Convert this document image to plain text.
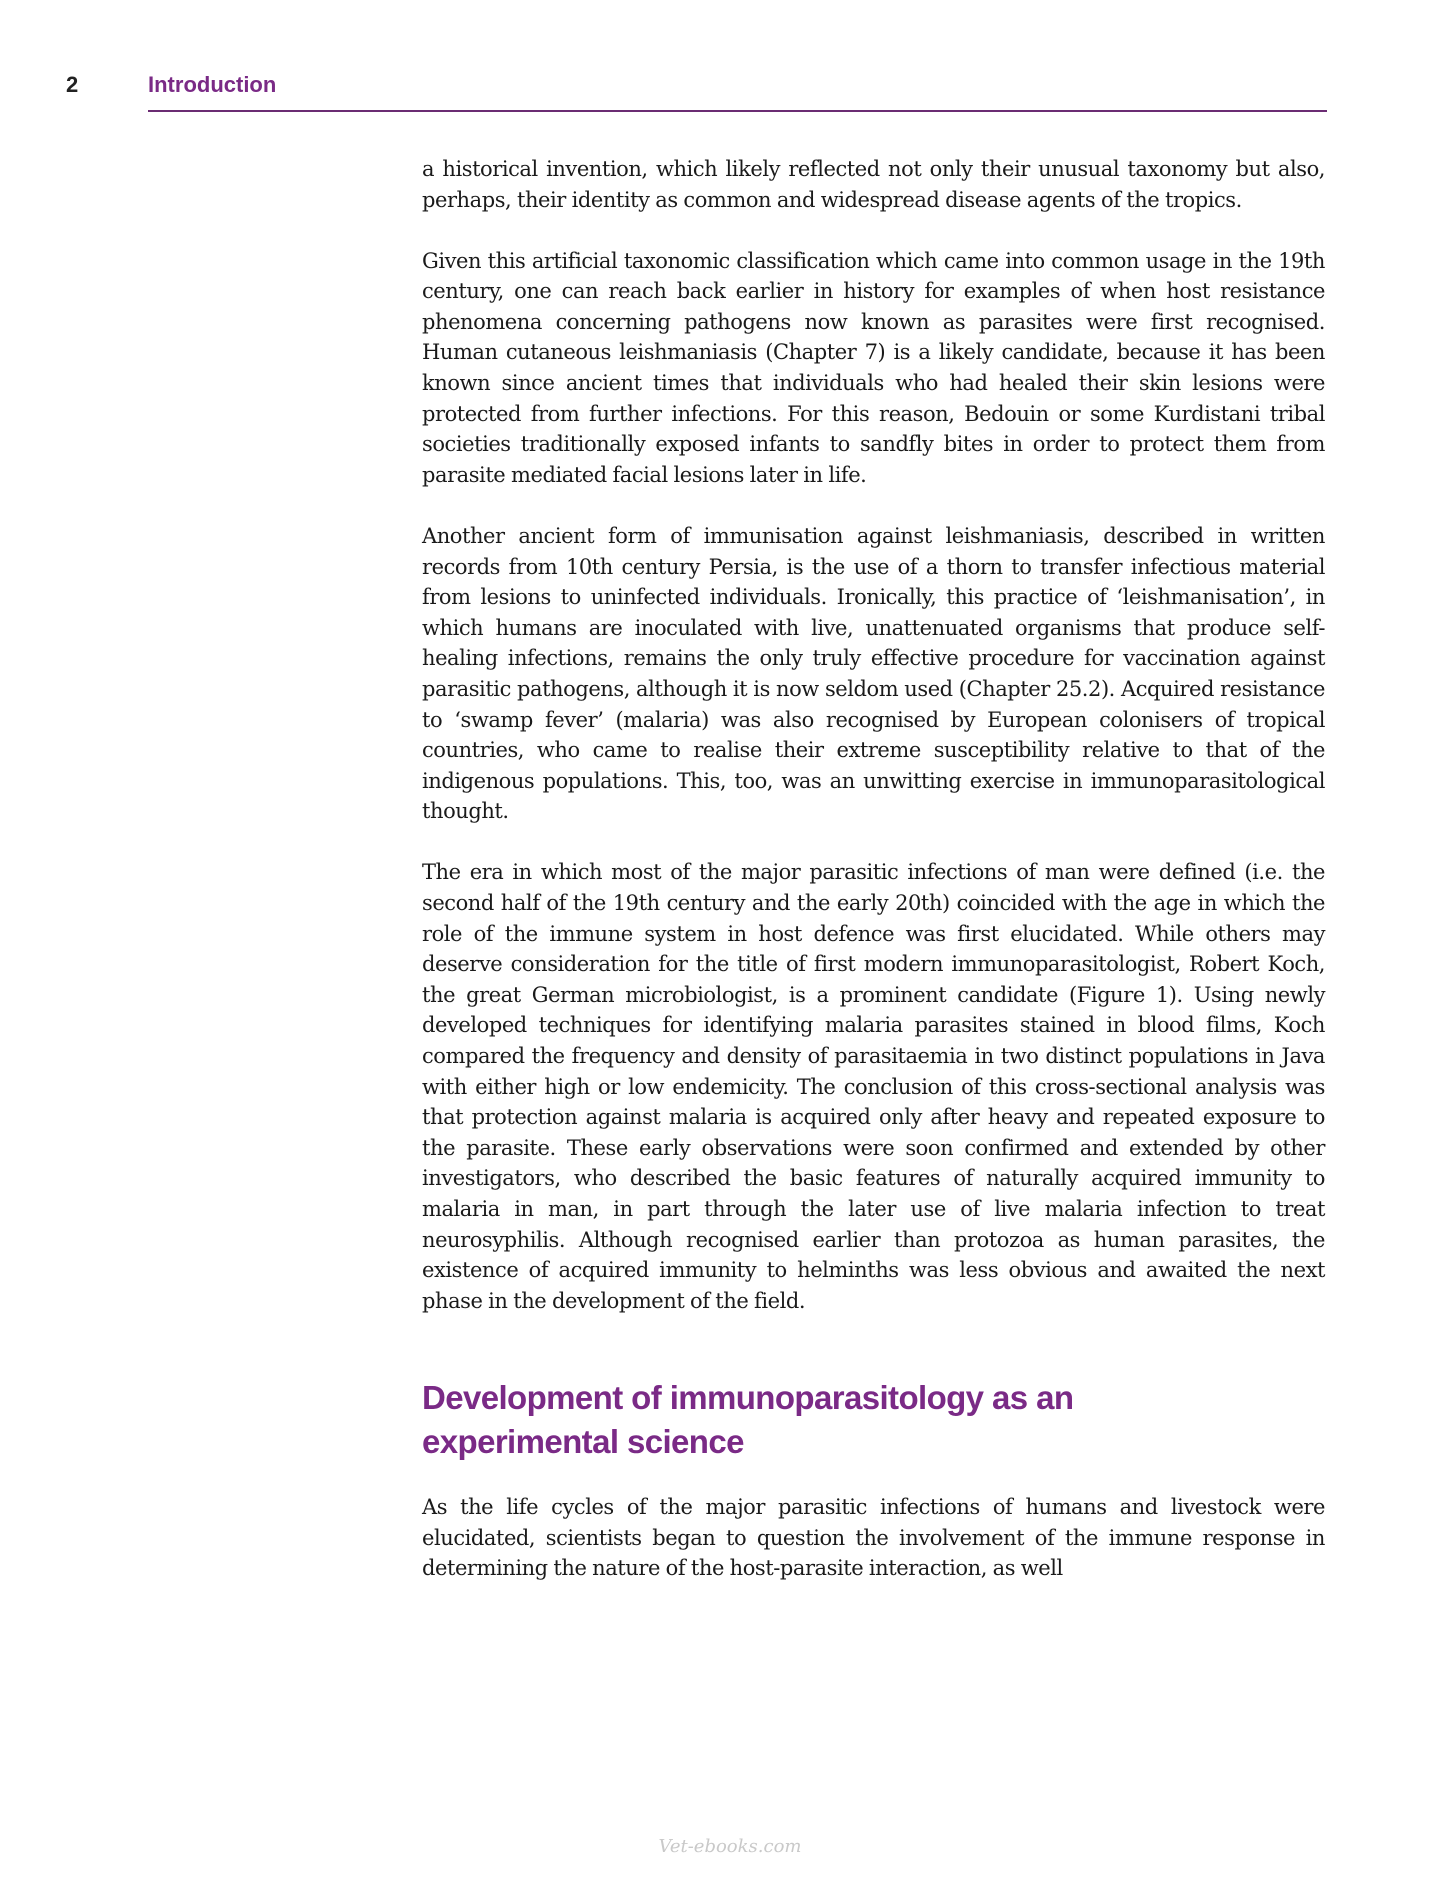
2	Introduction

a historical invention, which likely reflected not only their unusual taxonomy but also, perhaps, their identity as common and widespread disease agents of the tropics.

Given this artificial taxonomic classification which came into common usage in the 19th century, one can reach back earlier in history for examples of when host resistance phenomena concerning pathogens now known as parasites were first recognised. Human cutaneous leishmaniasis (Chapter 7) is a likely candidate, because it has been known since ancient times that individuals who had healed their skin lesions were protected from further infections. For this reason, Bedouin or some Kurdistani tribal societies traditionally exposed infants to sandfly bites in order to protect them from parasite mediated facial lesions later in life.

Another ancient form of immunisation against leishmaniasis, described in written records from 10th century Persia, is the use of a thorn to transfer infectious material from lesions to uninfected individuals. Ironically, this practice of ‘leishmanisation’, in which humans are inoculated with live, unattenuated organisms that produce self-healing infections, remains the only truly effective procedure for vaccination against parasitic pathogens, although it is now seldom used (Chapter 25.2). Acquired resistance to ‘swamp fever’ (malaria) was also recognised by European colonisers of tropical countries, who came to realise their extreme susceptibility relative to that of the indigenous populations. This, too, was an unwitting exercise in immunoparasitological thought.

The era in which most of the major parasitic infections of man were defined (i.e. the second half of the 19th century and the early 20th) coincided with the age in which the role of the immune system in host defence was first elucidated. While others may deserve consideration for the title of first modern immunoparasitologist, Robert Koch, the great German microbiologist, is a prominent candidate (Figure 1). Using newly developed techniques for identifying malaria parasites stained in blood films, Koch compared the frequency and density of parasitaemia in two distinct populations in Java with either high or low endemicity. The conclusion of this cross-sectional analysis was that protection against malaria is acquired only after heavy and repeated exposure to the parasite. These early observations were soon confirmed and extended by other investigators, who described the basic features of naturally acquired immunity to malaria in man, in part through the later use of live malaria infection to treat neurosyphilis. Although recognised earlier than protozoa as human parasites, the existence of acquired immunity to helminths was less obvious and awaited the next phase in the development of the field.

Development of immunoparasitology as an
experimental science

As the life cycles of the major parasitic infections of humans and livestock were elucidated, scientists began to question the involvement of the immune response in determining the nature of the host-parasite interaction, as well

Vet-ebooks.com
